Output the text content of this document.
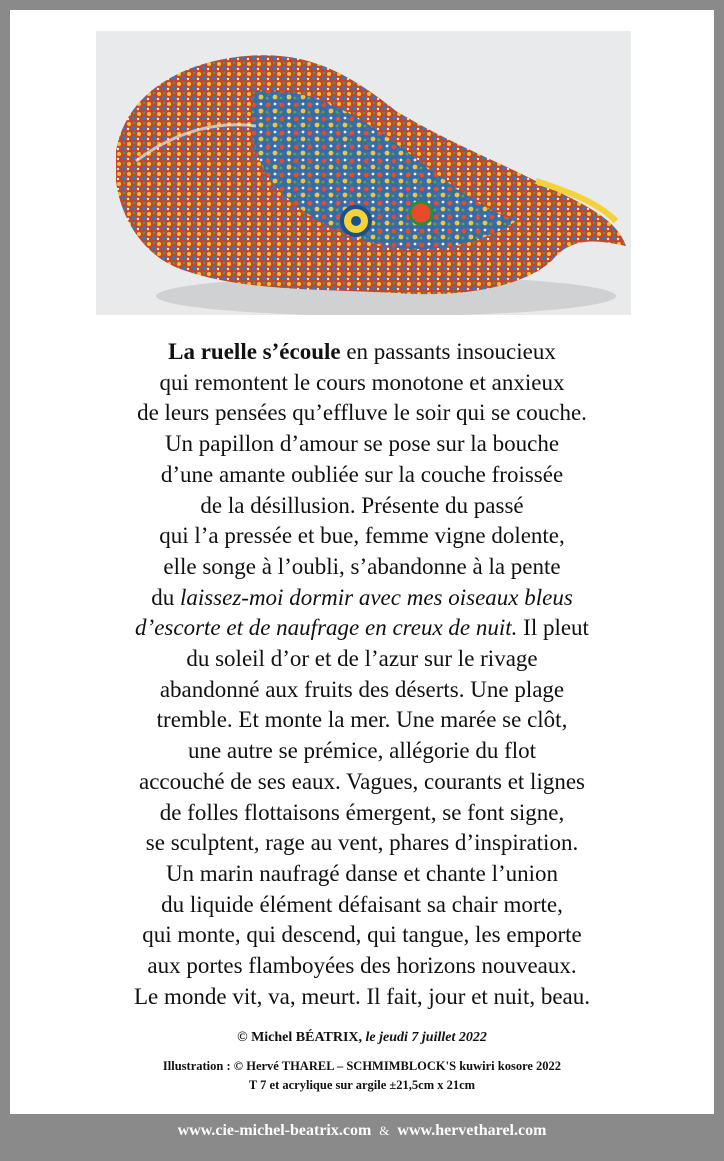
La ruelle s’écoule en passants insoucieux
qui remontent le cours monotone et anxieux
de leurs pensées qu’effluve le soir qui se couche.
Un papillon d’amour se pose sur la bouche
d’une amante oubliée sur la couche froissée
de la désillusion. Présente du passé
qui l’a pressée et bue, femme vigne dolente,
elle songe à l’oubli, s’abandonne à la pente
du laissez-moi dormir avec mes oiseaux bleus
d’escorte et de naufrage en creux de nuit. Il pleut
du soleil d’or et de l’azur sur le rivage
abandonné aux fruits des déserts. Une plage
tremble. Et monte la mer. Une marée se clôt,
une autre se prémice, allégorie du flot
accouché de ses eaux. Vagues, courants et lignes
de folles flottaisons émergent, se font signe,
se sculptent, rage au vent, phares d’inspiration.
Un marin naufragé danse et chante l’union
du liquide élément défaisant sa chair morte,
qui monte, qui descend, qui tangue, les emporte
aux portes flamboyées des horizons nouveaux.
Le monde vit, va, meurt. Il fait, jour et nuit, beau.
© Michel BÉATRIX, le jeudi 7 juillet 2022
Illustration : © Hervé THAREL – SCHMIMBLOCK'S kuwiri kosore 2022
T 7 et acrylique sur argile ±21,5cm x 21cm
www.cie-michel-beatrix.com & www.hervetharel.com
